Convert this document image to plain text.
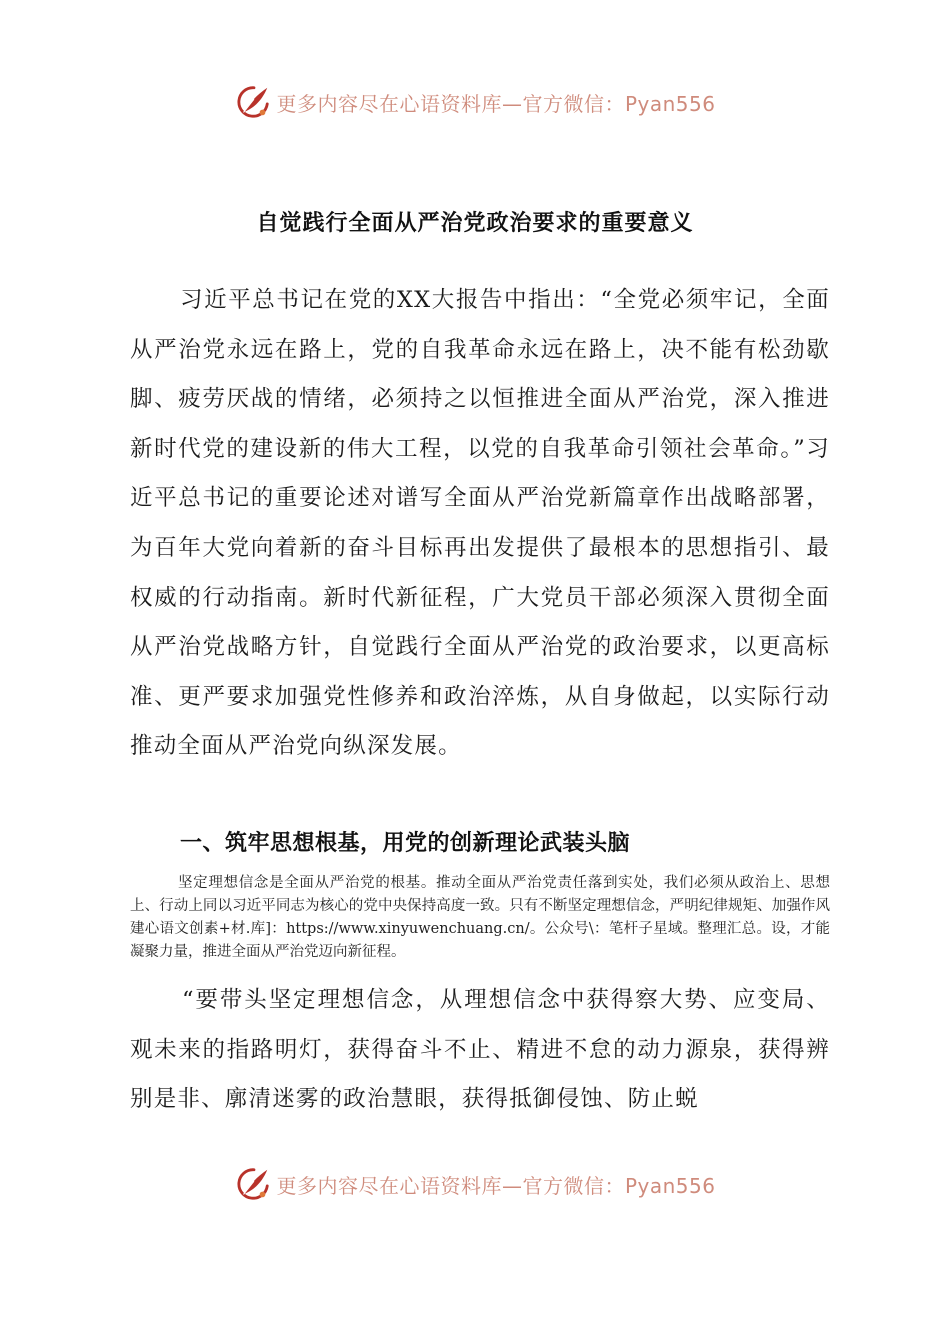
更多内容尽在心语资料库—官方微信：Pyan556
自觉践行全面从严治党政治要求的重要意义

习近平总书记在党的XX大报告中指出：“全党必须牢记，全面从严治党永远在路上，党的自我革命永远在路上，决不能有松劲歇脚、疲劳厌战的情绪，必须持之以恒推进全面从严治党，深入推进新时代党的建设新的伟大工程，以党的自我革命引领社会革命。”习近平总书记的重要论述对谱写全面从严治党新篇章作出战略部署，为百年大党向着新的奋斗目标再出发提供了最根本的思想指引、最权威的行动指南。新时代新征程，广大党员干部必须深入贯彻全面从严治党战略方针，自觉践行全面从严治党的政治要求，以更高标准、更严要求加强党性修养和政治淬炼，从自身做起，以实际行动推动全面从严治党向纵深发展。

一、筑牢思想根基，用党的创新理论武装头脑

坚定理想信念是全面从严治党的根基。推动全面从严治党责任落到实处，我们必须从政治上、思想上、行动上同以习近平同志为核心的党中央保持高度一致。只有不断坚定理想信念，严明纪律规矩、加强作风建心语文创素+材.库]：https://www.xinyuwenchuang.cn/。公众号\：笔杆子星域。整理汇总。设，才能凝聚力量，推进全面从严治党迈向新征程。

“要带头坚定理想信念，从理想信念中获得察大势、应变局、观未来的指路明灯，获得奋斗不止、精进不怠的动力源泉，获得辨别是非、廓清迷雾的政治慧眼，获得抵御侵蚀、防止蜕

更多内容尽在心语资料库—官方微信：Pyan556
